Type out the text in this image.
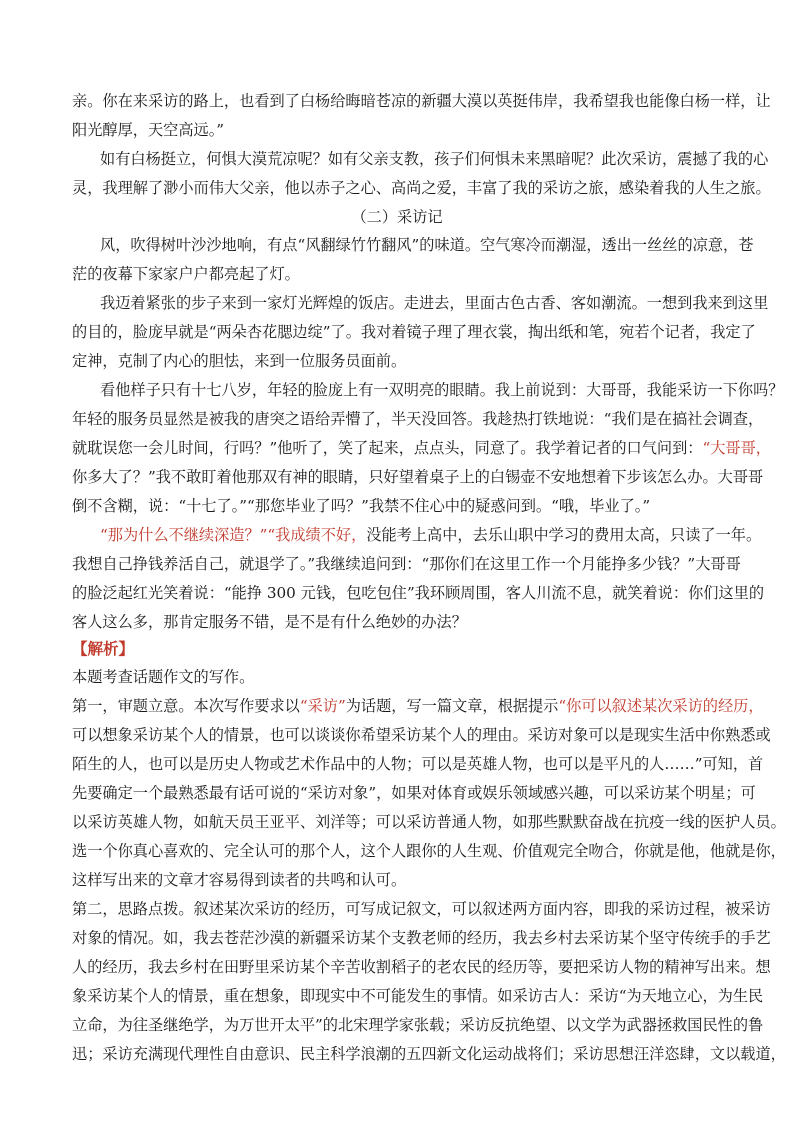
亲。你在来采访的路上，也看到了白杨给晦暗苍凉的新疆大漠以英挺伟岸，我希望我也能像白杨一样，让
阳光醇厚，天空高远。”
如有白杨挺立，何惧大漠荒凉呢？如有父亲支教，孩子们何惧未来黑暗呢？此次采访，震撼了我的心
灵，我理解了渺小而伟大父亲，他以赤子之心、高尚之爱，丰富了我的采访之旅，感染着我的人生之旅。
（二）采访记
风，吹得树叶沙沙地响，有点“风翻绿竹竹翻风”的味道。空气寒冷而潮湿，透出一丝丝的凉意，苍
茫的夜幕下家家户户都亮起了灯。
我迈着紧张的步子来到一家灯光辉煌的饭店。走进去，里面古色古香、客如潮流。一想到我来到这里
的目的，脸庞早就是“两朵杏花腮边绽”了。我对着镜子理了理衣裳，掏出纸和笔，宛若个记者，我定了
定神，克制了内心的胆怯，来到一位服务员面前。
看他样子只有十七八岁，年轻的脸庞上有一双明亮的眼睛。我上前说到：大哥哥，我能采访一下你吗？
年轻的服务员显然是被我的唐突之语给弄懵了，半天没回答。我趁热打铁地说：“我们是在搞社会调查，
就耽误您一会儿时间，行吗？”他听了，笑了起来，点点头，同意了。我学着记者的口气问到：“大哥哥，
你多大了？”我不敢盯着他那双有神的眼睛，只好望着桌子上的白锡壶不安地想着下步该怎么办。大哥哥
倒不含糊，说：“十七了。”“那您毕业了吗？”我禁不住心中的疑惑问到。“哦，毕业了。”
“那为什么不继续深造？”“我成绩不好，没能考上高中，去乐山职中学习的费用太高，只读了一年。
我想自己挣钱养活自己，就退学了。”我继续追问到：“那你们在这里工作一个月能挣多少钱？”大哥哥
的脸泛起红光笑着说：“能挣 300 元钱，包吃包住”我环顾周围，客人川流不息，就笑着说：你们这里的
客人这么多，那肯定服务不错，是不是有什么绝妙的办法？
【解析】
本题考查话题作文的写作。
第一，审题立意。本次写作要求以“采访”为话题，写一篇文章，根据提示“你可以叙述某次采访的经历，
可以想象采访某个人的情景，也可以谈谈你希望采访某个人的理由。采访对象可以是现实生活中你熟悉或
陌生的人，也可以是历史人物或艺术作品中的人物；可以是英雄人物，也可以是平凡的人……”可知，首
先要确定一个最熟悉最有话可说的“采访对象”，如果对体育或娱乐领域感兴趣，可以采访某个明星；可
以采访英雄人物，如航天员王亚平、刘洋等；可以采访普通人物，如那些默默奋战在抗疫一线的医护人员。
选一个你真心喜欢的、完全认可的那个人，这个人跟你的人生观、价值观完全吻合，你就是他，他就是你，
这样写出来的文章才容易得到读者的共鸣和认可。
第二，思路点拨。叙述某次采访的经历，可写成记叙文，可以叙述两方面内容，即我的采访过程，被采访
对象的情况。如，我去苍茫沙漠的新疆采访某个支教老师的经历，我去乡村去采访某个坚守传统手的手艺
人的经历，我去乡村在田野里采访某个辛苦收割稻子的老农民的经历等，要把采访人物的精神写出来。想
象采访某个人的情景，重在想象，即现实中不可能发生的事情。如采访古人：采访“为天地立心，为生民
立命，为往圣继绝学，为万世开太平”的北宋理学家张载；采访反抗绝望、以文学为武器拯救国民性的鲁
迅；采访充满现代理性自由意识、民主科学浪潮的五四新文化运动战将们；采访思想汪洋恣肆，文以载道，
